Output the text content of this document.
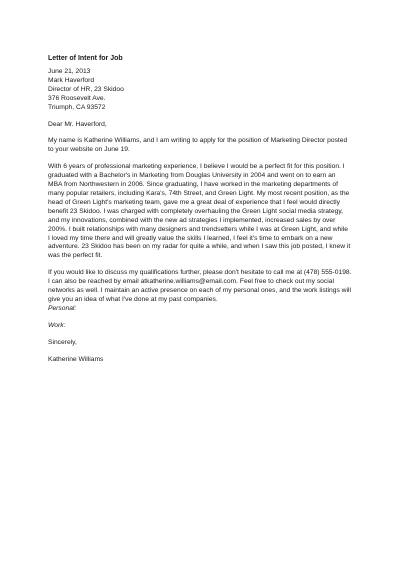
Letter of Intent for Job
June 21, 2013
Mark Haverford
Director of HR, 23 Skidoo
376 Roosevelt Ave.
Triumph, CA 93572
Dear Mr. Haverford,
My name is Katherine Williams, and I am writing to apply for the position of Marketing Director posted
to your website on June 19.
With 6 years of professional marketing experience, I believe I would be a perfect fit for this position. I
graduated with a Bachelor's in Marketing from Douglas University in 2004 and went on to earn an
MBA from Northwestern in 2006. Since graduating, I have worked in the marketing departments of
many popular retailers, including Kara's, 74th Street, and Green Light. My most recent position, as the
head of Green Light's marketing team, gave me a great deal of experience that I feel would directly
benefit 23 Skidoo. I was charged with completely overhauling the Green Light social media strategy,
and my innovations, combined with the new ad strategies I implemented, increased sales by over
200%. I built relationships with many designers and trendsetters while I was at Green Light, and while
I loved my time there and will greatly value the skills I learned, I feel it's time to embark on a new
adventure. 23 Skidoo has been on my radar for quite a while, and when I saw this job posted, I knew it
was the perfect fit.
If you would like to discuss my qualifications further, please don't hesitate to call me at (478) 555-0198.
I can also be reached by email atkatherine.williams@email.com. Feel free to check out my social
networks as well. I maintain an active presence on each of my personal ones, and the work listings will
give you an idea of what I've done at my past companies.
Personal:
Work:
Sincerely,
Katherine Williams
